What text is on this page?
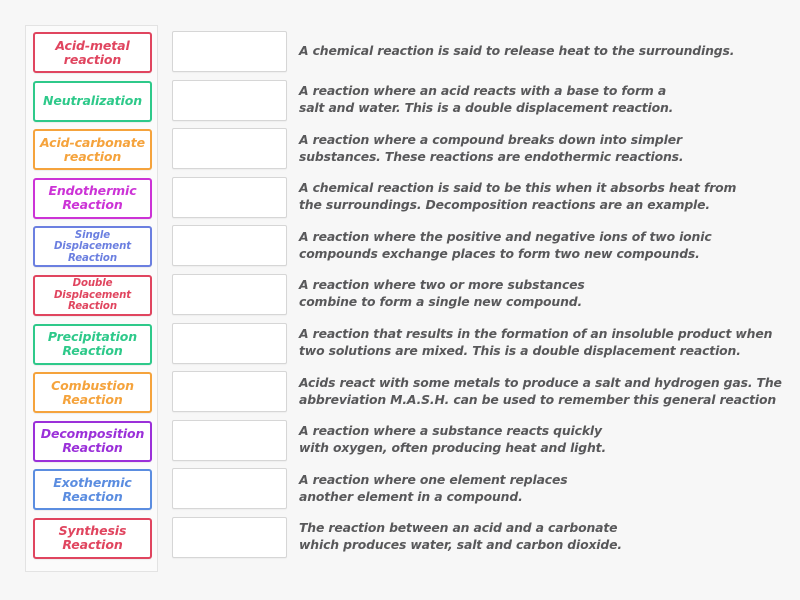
Acid-metal reaction
Neutralization
Acid-carbonate reaction
Endothermic Reaction
Single Displacement Reaction
Double Displacement Reaction
Precipitation Reaction
Combustion Reaction
Decomposition Reaction
Exothermic Reaction
Synthesis Reaction
A chemical reaction is said to release heat to the surroundings.
A reaction where an acid reacts with a base to form a
salt and water. This is a double displacement reaction.
A reaction where a compound breaks down into simpler
substances. These reactions are endothermic reactions.
A chemical reaction is said to be this when it absorbs heat from
the surroundings. Decomposition reactions are an example.
A reaction where the positive and negative ions of two ionic
compounds exchange places to form two new compounds.
A reaction where two or more substances
combine to form a single new compound.
A reaction that results in the formation of an insoluble product when
two solutions are mixed. This is a double displacement reaction.
Acids react with some metals to produce a salt and hydrogen gas. The
abbreviation M.A.S.H. can be used to remember this general reaction
A reaction where a substance reacts quickly
with oxygen, often producing heat and light.
A reaction where one element replaces
another element in a compound.
The reaction between an acid and a carbonate
which produces water, salt and carbon dioxide.
